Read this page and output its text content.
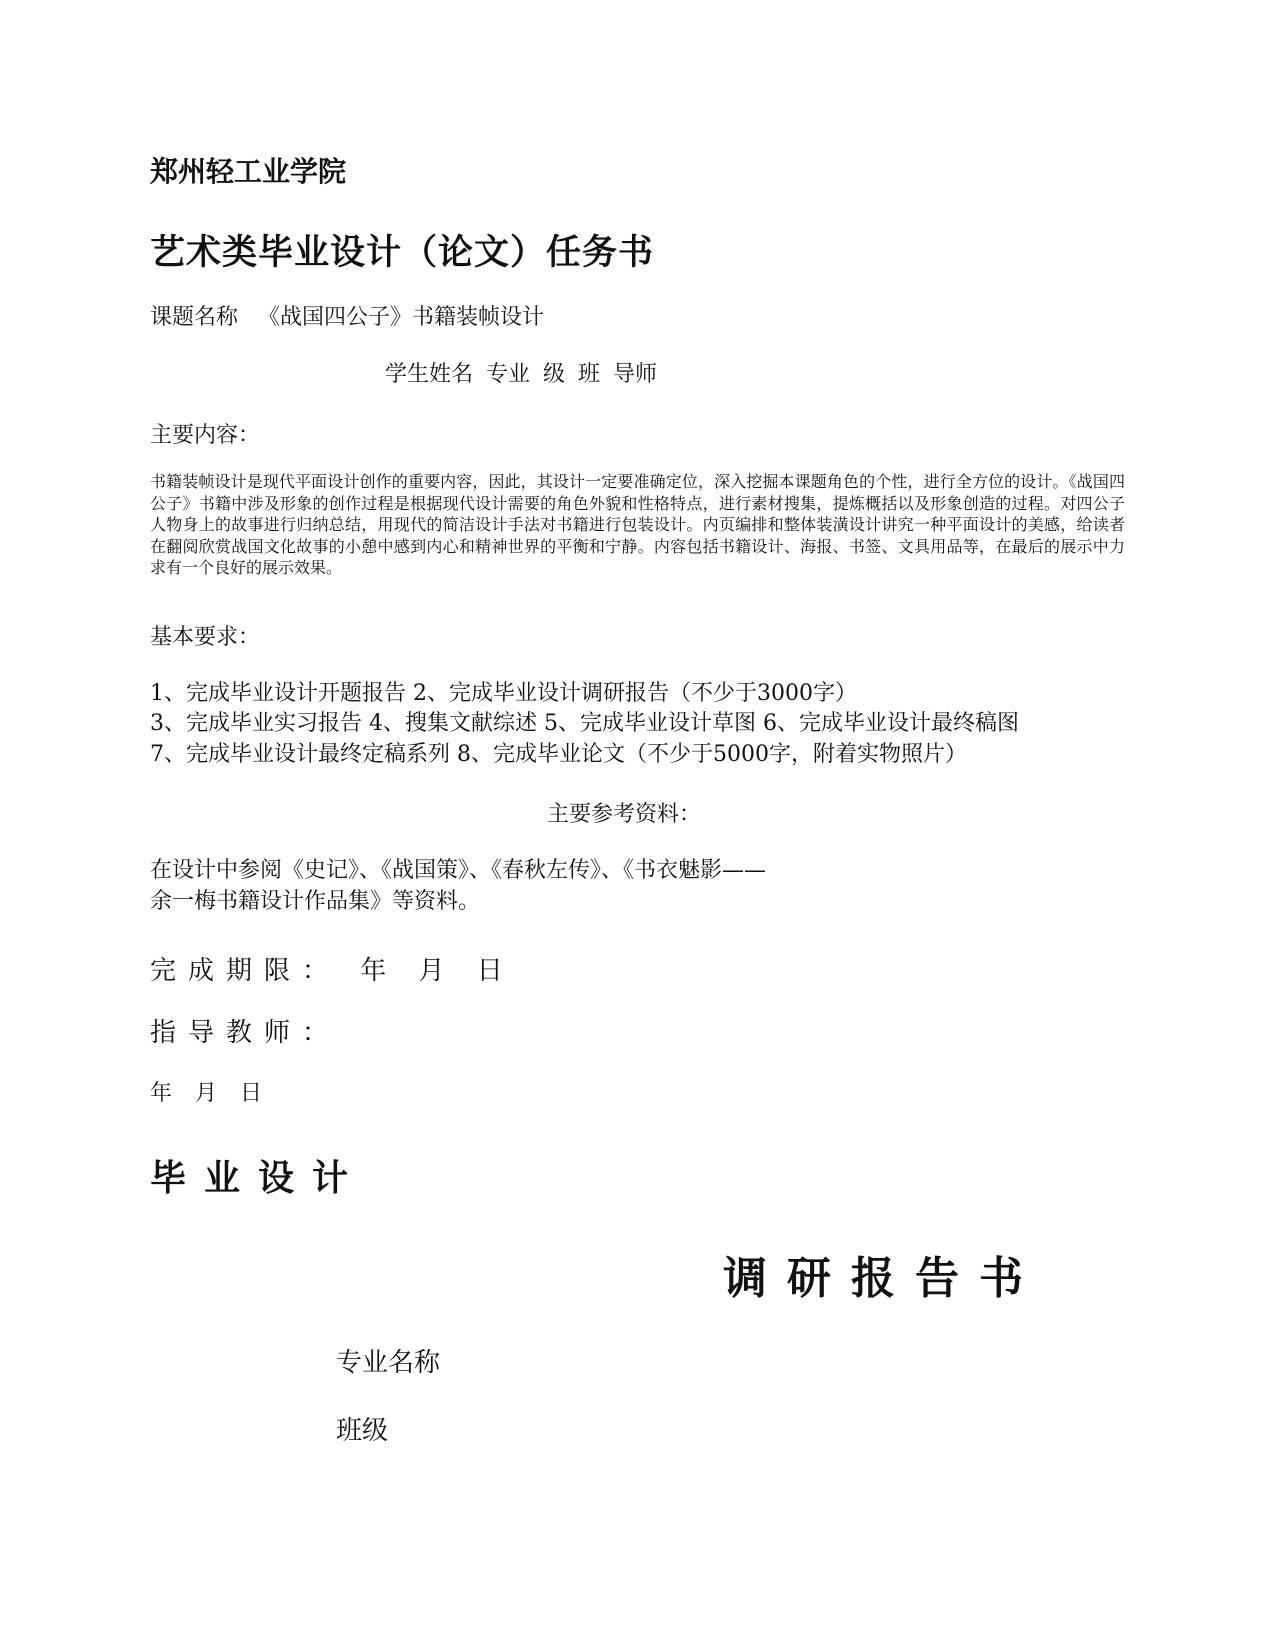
郑州轻工业学院
艺术类毕业设计（论文）任务书
课题名称 《战国四公子》书籍装帧设计
学生姓名 专业 级 班 导师
主要内容：
书籍装帧设计是现代平面设计创作的重要内容，因此，其设计一定要准确定位，深入挖掘本课题角色的个性，进行全方位的设计。《战国四公子》书籍中涉及形象的创作过程是根据现代设计需要的角色外貌和性格特点，进行素材搜集，提炼概括以及形象创造的过程。对四公子人物身上的故事进行归纳总结，用现代的简洁设计手法对书籍进行包装设计。内页编排和整体装潢设计讲究一种平面设计的美感，给读者在翻阅欣赏战国文化故事的小憩中感到内心和精神世界的平衡和宁静。内容包括书籍设计、海报、书签、文具用品等，在最后的展示中力求有一个良好的展示效果。
基本要求：
1、完成毕业设计开题报告 2、完成毕业设计调研报告（不少于3000字）
3、完成毕业实习报告 4、搜集文献综述 5、完成毕业设计草图 6、完成毕业设计最终稿图
7、完成毕业设计最终定稿系列 8、完成毕业论文（不少于5000字，附着实物照片）
主要参考资料：
在设计中参阅《史记》、《战国策》、《春秋左传》、《书衣魅影——
余一梅书籍设计作品集》等资料。
完成期限： 年 月 日
指导教师：
年 月 日
毕业设计
调研报告书
专业名称
班级
